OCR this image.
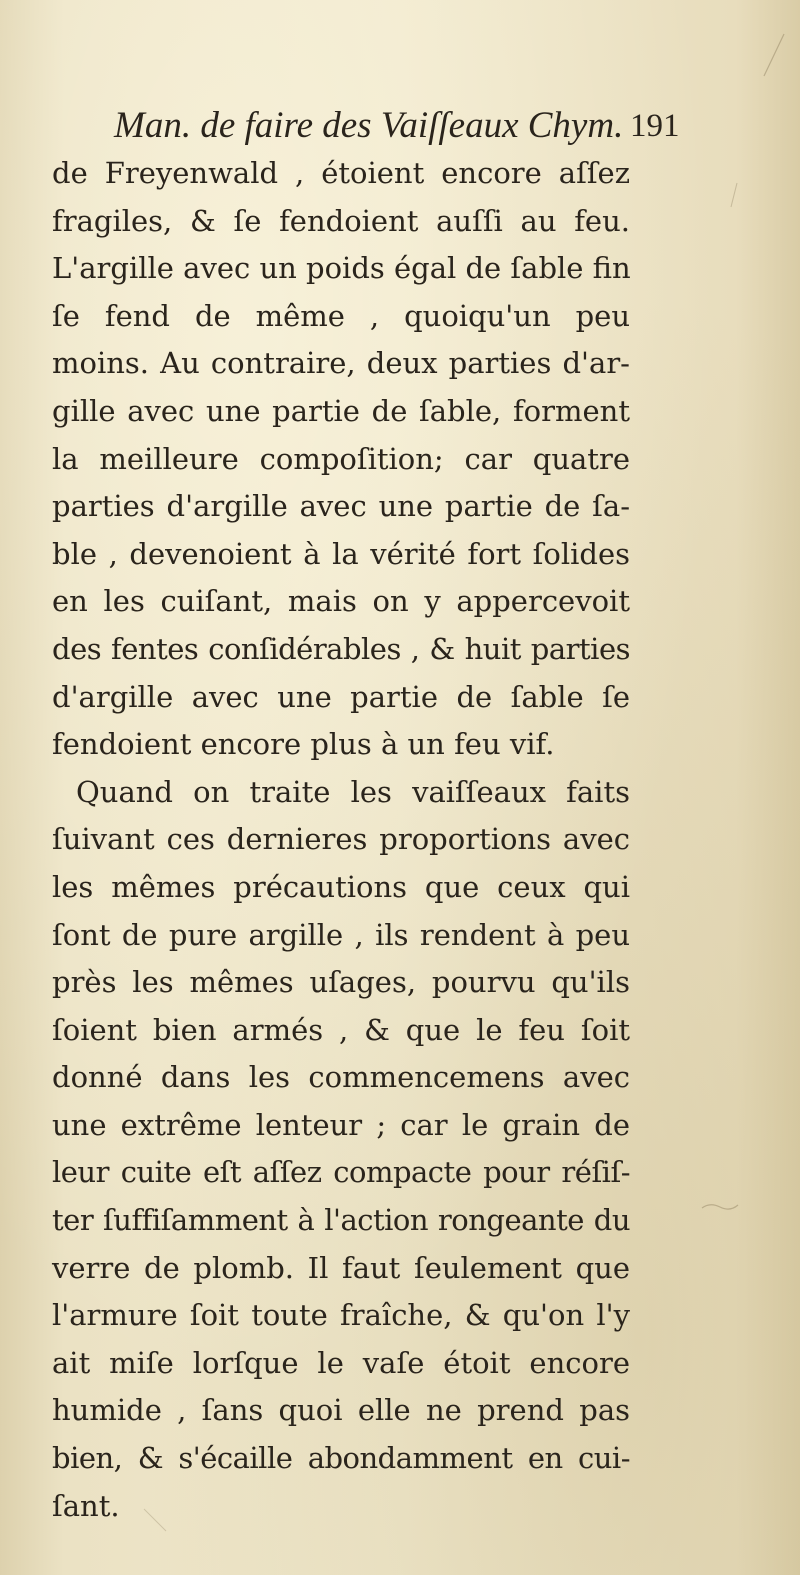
Man. de faire des Vaiſſeaux Chym. 191
de Freyenwald , étoient encore aſſez
fragiles, & ſe fendoient auſſi au feu.
L'argille avec un poids égal de ſable fin
ſe fend de même , quoiqu'un peu
moins. Au contraire, deux parties d'ar-
gille avec une partie de ſable, forment
la meilleure compoſition; car quatre
parties d'argille avec une partie de ſa-
ble , devenoient à la vérité fort ſolides
en les cuiſant, mais on y appercevoit
des fentes conſidérables , & huit parties
d'argille avec une partie de ſable ſe
fendoient encore plus à un feu vif.
Quand on traite les vaiſſeaux faits
ſuivant ces dernieres proportions avec
les mêmes précautions que ceux qui
ſont de pure argille , ils rendent à peu
près les mêmes uſages, pourvu qu'ils
ſoient bien armés , & que le feu ſoit
donné dans les commencemens avec
une extrême lenteur ; car le grain de
leur cuite eſt aſſez compacte pour réſiſ-
ter ſuffiſamment à l'action rongeante du
verre de plomb. Il faut ſeulement que
l'armure ſoit toute fraîche, & qu'on l'y
ait miſe lorſque le vaſe étoit encore
humide , ſans quoi elle ne prend pas
bien, & s'écaille abondamment en cui-
ſant.
